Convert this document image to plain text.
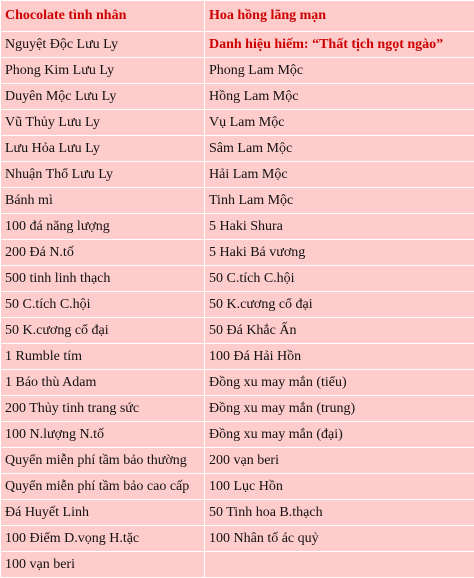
Chocolate tình nhân	Hoa hồng lãng mạn
Nguyệt Độc Lưu Ly	Danh hiệu hiếm: “Thất tịch ngọt ngào”
Phong Kim Lưu Ly	Phong Lam Mộc
Duyên Mộc Lưu Ly	Hồng Lam Mộc
Vũ Thủy Lưu Ly	Vụ Lam Mộc
Lưu Hỏa Lưu Ly	Sâm Lam Mộc
Nhuận Thổ Lưu Ly	Hải Lam Mộc
Bánh mì	Tinh Lam Mộc
100 đá năng lượng	5 Haki Shura
200 Đá N.tố	5 Haki Bá vương
500 tinh linh thạch	50 C.tích C.hội
50 C.tích C.hội	50 K.cương cổ đại
50 K.cương cổ đại	50 Đá Khắc Ấn
1 Rumble tím	100 Đá Hải Hồn
1 Báo thù Adam	Đồng xu may mắn (tiểu)
200 Thủy tinh trang sức	Đồng xu may mắn (trung)
100 N.lượng N.tố	Đồng xu may mắn (đại)
Quyển miễn phí tầm bảo thường	200 vạn beri
Quyển miễn phí tầm bảo cao cấp	100 Lục Hồn
Đá Huyết Linh	50 Tinh hoa B.thạch
100 Điểm D.vọng H.tặc	100 Nhân tố ác quỷ
100 vạn beri	
